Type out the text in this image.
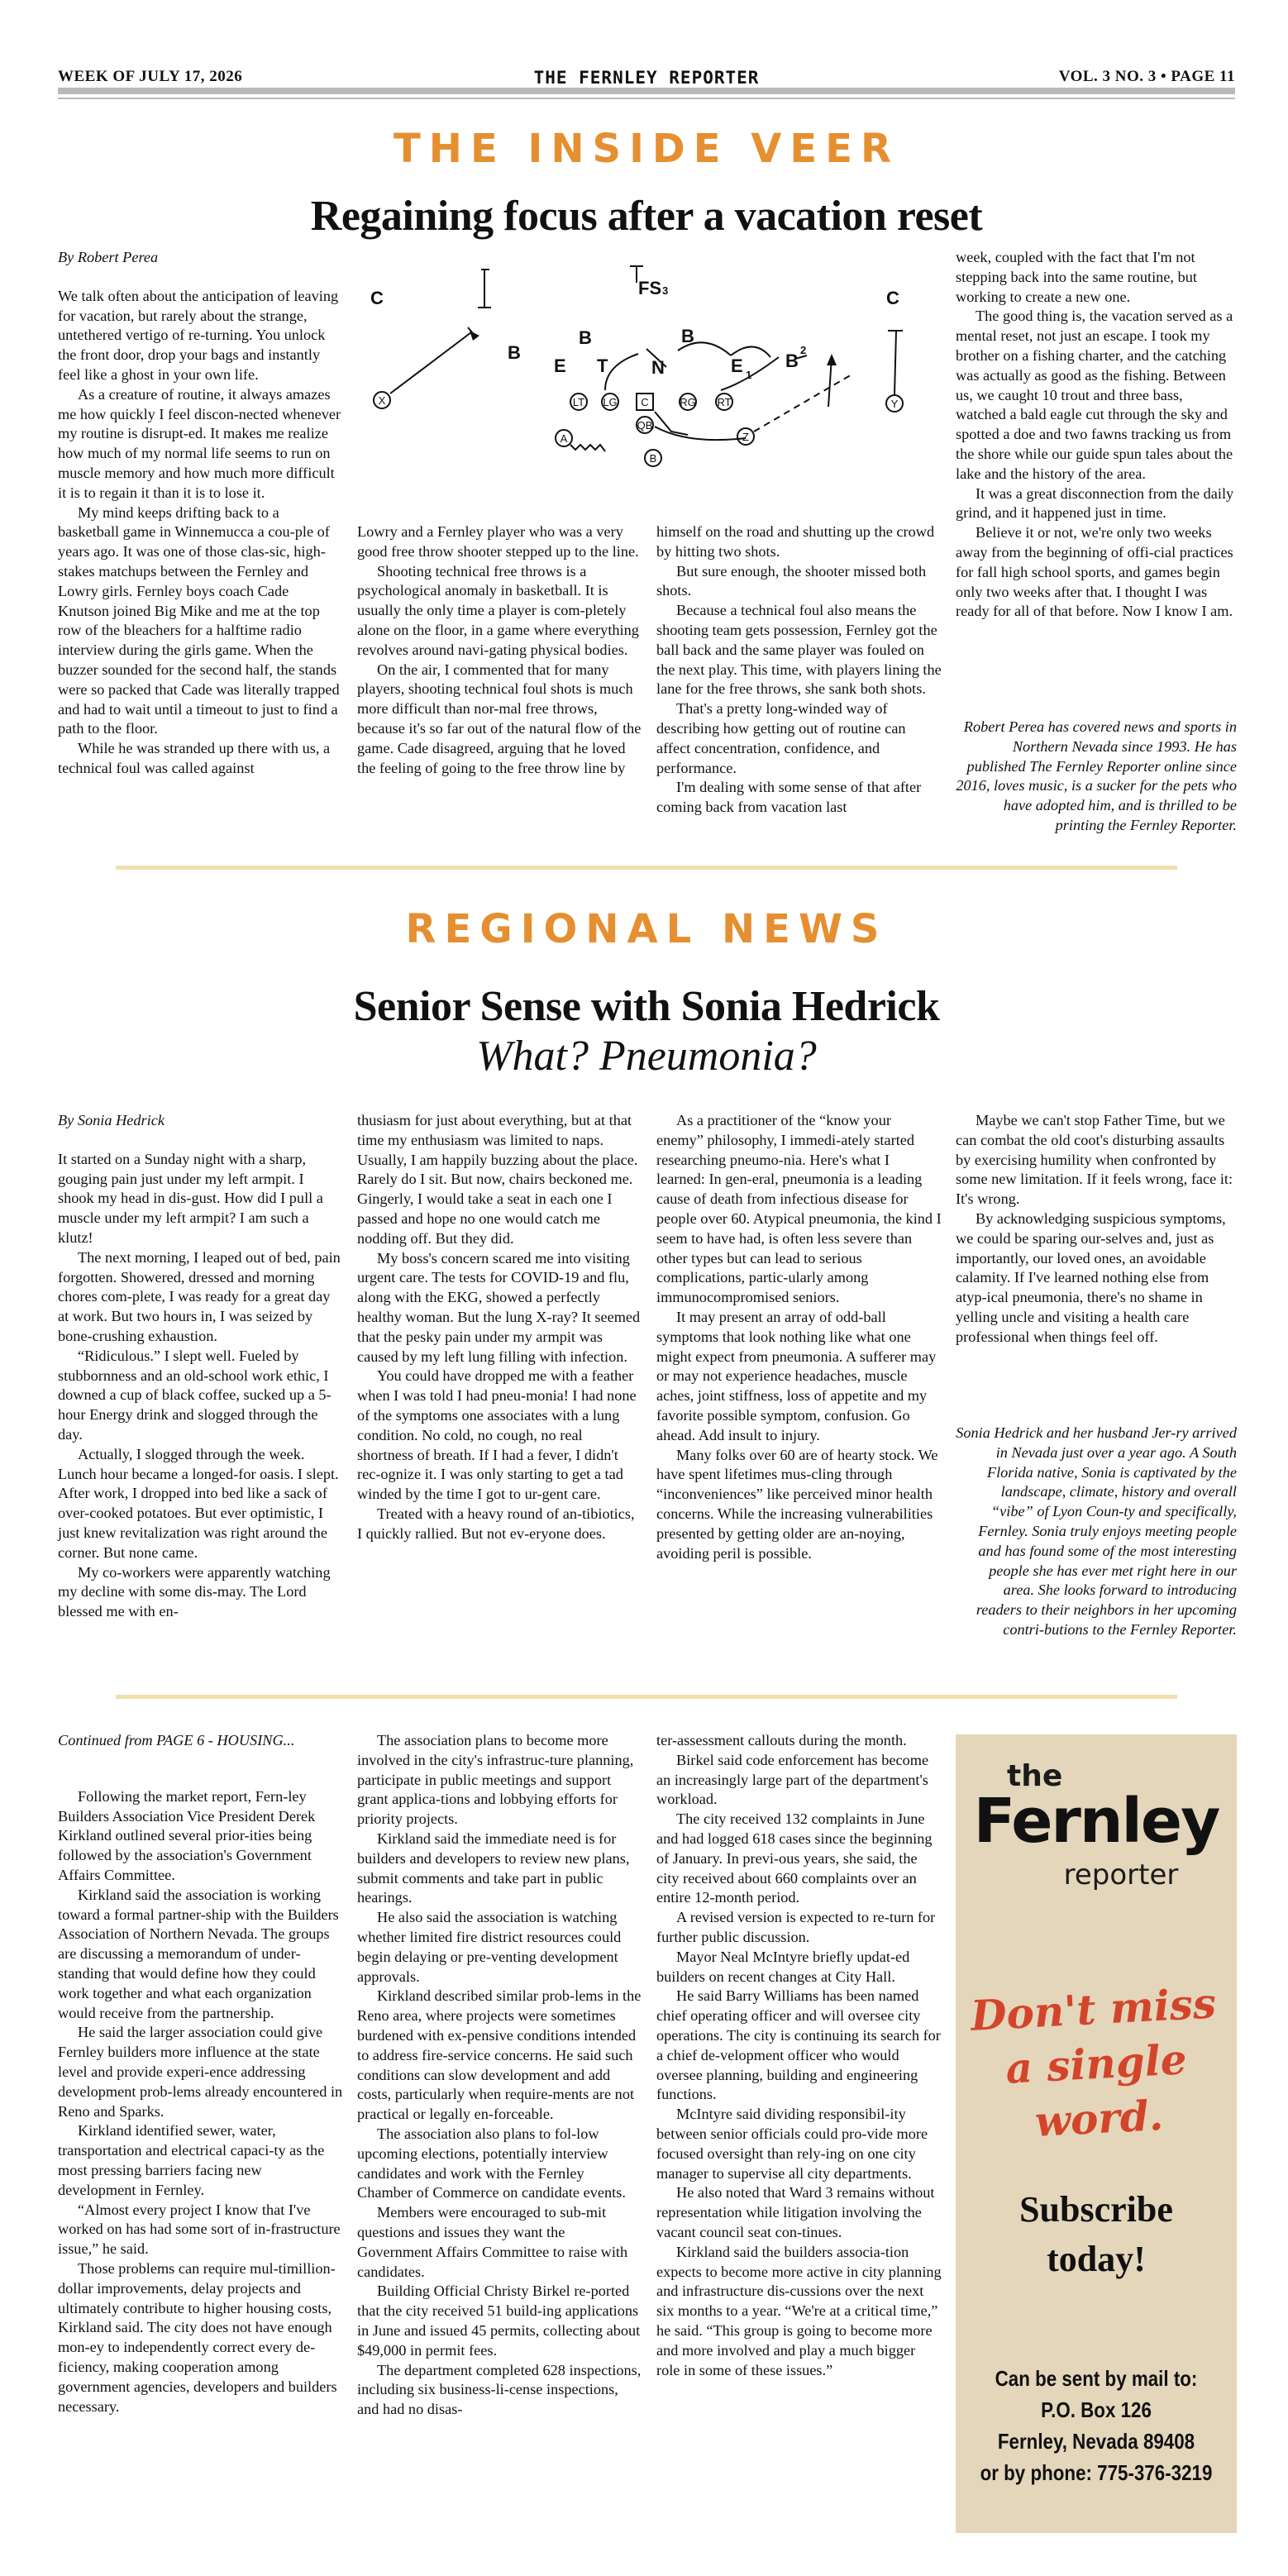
WEEK OF JULY 17, 2026	THE FERNLEY REPORTER	VOL. 3 NO. 3 • PAGE 11
THE INSIDE VEER
Regaining focus after a vacation reset

By Robert Perea

We talk often about the anticipation of leaving for vacation, but rarely about the strange, untethered vertigo of re-turning. You unlock the front door, drop your bags and instantly feel like a ghost in your own life.

As a creature of routine, it always amazes me how quickly I feel discon-nected whenever my routine is disrupt-ed. It makes me realize how much of my normal life seems to run on muscle memory and how much more difficult it is to regain it than it is to lose it.

My mind keeps drifting back to a basketball game in Winnemucca a cou-ple of years ago. It was one of those clas-sic, high-stakes matchups between the Fernley and Lowry girls. Fernley boys coach Cade Knutson joined Big Mike and me at the top row of the bleachers for a halftime radio interview during the girls game. When the buzzer sounded for the second half, the stands were so packed that Cade was literally trapped and had to wait until a timeout to just to find a path to the floor.

While he was stranded up there with us, a technical foul was called against

C	C
FS 3
B
B	B
B
2
E	E 1
T N
X	Y
LT LG C	RG RT
QB
A
B
Z

Lowry and a Fernley player who was a very good free throw shooter stepped up to the line.

Shooting technical free throws is a psychological anomaly in basketball. It is usually the only time a player is com-pletely alone on the floor, in a game where everything revolves around navi-gating physical bodies.

On the air, I commented that for many players, shooting technical foul shots is much more difficult than nor-mal free throws, because it's so far out of the natural flow of the game. Cade disagreed, arguing that he loved the feeling of going to the free throw line by

himself on the road and shutting up the crowd by hitting two shots.

But sure enough, the shooter missed both shots.

Because a technical foul also means the shooting team gets possession, Fernley got the ball back and the same player was fouled on the next play. This time, with players lining the lane for the free throws, she sank both shots.

That's a pretty long-winded way of describing how getting out of routine can affect concentration, confidence, and performance.

I'm dealing with some sense of that after coming back from vacation last

week, coupled with the fact that I'm not stepping back into the same routine, but working to create a new one.

The good thing is, the vacation served as a mental reset, not just an escape. I took my brother on a fishing charter, and the catching was actually as good as the fishing. Between us, we caught 10 trout and three bass, watched a bald eagle cut through the sky and spotted a doe and two fawns tracking us from the shore while our guide spun tales about the lake and the history of the area.

It was a great disconnection from the daily grind, and it happened just in time.

Believe it or not, we're only two weeks away from the beginning of offi-cial practices for fall high school sports, and games begin only two weeks after that. I thought I was ready for all of that before. Now I know I am.

Robert Perea has covered news and sports in Northern Nevada since 1993. He has published The Fernley Reporter online since 2016, loves music, is a sucker for the pets who have adopted him, and is thrilled to be printing the Fernley Reporter.
REGIONAL NEWS
Senior Sense with Sonia Hedrick
What? Pneumonia?

By Sonia Hedrick

It started on a Sunday night with a sharp, gouging pain just under my left armpit. I shook my head in dis-gust. How did I pull a muscle under my left armpit? I am such a klutz!

The next morning, I leaped out of bed, pain forgotten. Showered, dressed and morning chores com-plete, I was ready for a great day at work. But two hours in, I was seized by bone-crushing exhaustion.

“Ridiculous.” I slept well. Fueled by stubbornness and an old-school work ethic, I downed a cup of black coffee, sucked up a 5-hour Energy drink and slogged through the day.

Actually, I slogged through the week. Lunch hour became a longed-for oasis. I slept. After work, I dropped into bed like a sack of over-cooked potatoes. But ever optimistic, I just knew revitalization was right around the corner. But none came.

My co-workers were apparently watching my decline with some dis-may. The Lord blessed me with en-

thusiasm for just about everything, but at that time my enthusiasm was limited to naps. Usually, I am happily buzzing about the place. Rarely do I sit. But now, chairs beckoned me. Gingerly, I would take a seat in each one I passed and hope no one would catch me nodding off. But they did.

My boss's concern scared me into visiting urgent care. The tests for COVID-19 and flu, along with the EKG, showed a perfectly healthy woman. But the lung X-ray? It seemed that the pesky pain under my armpit was caused by my left lung filling with infection.

You could have dropped me with a feather when I was told I had pneu-monia! I had none of the symptoms one associates with a lung condition. No cold, no cough, no real shortness of breath. If I had a fever, I didn't rec-ognize it. I was only starting to get a tad winded by the time I got to ur-gent care.

Treated with a heavy round of an-tibiotics, I quickly rallied. But not ev-eryone does.

As a practitioner of the “know your enemy” philosophy, I immedi-ately started researching pneumo-nia. Here's what I learned: In gen-eral, pneumonia is a leading cause of death from infectious disease for people over 60. Atypical pneumonia, the kind I seem to have had, is often less severe than other types but can lead to serious complications, partic-ularly among immunocompromised seniors.

It may present an array of odd-ball symptoms that look nothing like what one might expect from pneumonia. A sufferer may or may not experience headaches, muscle aches, joint stiffness, loss of appetite and my favorite possible symptom, confusion. Go ahead. Add insult to injury.

Many folks over 60 are of hearty stock. We have spent lifetimes mus-cling through “inconveniences” like perceived minor health concerns. While the increasing vulnerabilities presented by getting older are an-noying, avoiding peril is possible.

Maybe we can't stop Father Time, but we can combat the old coot's disturbing assaults by exercising humility when confronted by some new limitation. If it feels wrong, face it: It's wrong.

By acknowledging suspicious symptoms, we could be sparing our-selves and, just as importantly, our loved ones, an avoidable calamity. If I've learned nothing else from atyp-ical pneumonia, there's no shame in yelling uncle and visiting a health care professional when things feel off.

Sonia Hedrick and her husband Jer-ry arrived in Nevada just over a year ago. A South Florida native, Sonia is captivated by the landscape, climate, history and overall “vibe” of Lyon Coun-ty and specifically, Fernley. Sonia truly enjoys meeting people and has found some of the most interesting people she has ever met right here in our area. She looks forward to introducing readers to their neighbors in her upcoming contri-butions to the Fernley Reporter.

Continued from PAGE 6 - HOUSING...

Following the market report, Fern-ley Builders Association Vice President Derek Kirkland outlined several prior-ities being followed by the association's Government Affairs Committee.

Kirkland said the association is working toward a formal partner-ship with the Builders Association of Northern Nevada. The groups are discussing a memorandum of under-standing that would define how they could work together and what each organization would receive from the partnership.

He said the larger association could give Fernley builders more influence at the state level and provide experi-ence addressing development prob-lems already encountered in Reno and Sparks.

Kirkland identified sewer, water, transportation and electrical capaci-ty as the most pressing barriers facing new development in Fernley.

“Almost every project I know that I've worked on has had some sort of in-frastructure issue,” he said.

Those problems can require mul-timillion-dollar improvements, delay projects and ultimately contribute to higher housing costs, Kirkland said. The city does not have enough mon-ey to independently correct every de-ficiency, making cooperation among government agencies, developers and builders necessary.

The association plans to become more involved in the city's infrastruc-ture planning, participate in public meetings and support grant applica-tions and lobbying efforts for priority projects.

Kirkland said the immediate need is for builders and developers to review new plans, submit comments and take part in public hearings.

He also said the association is watching whether limited fire district resources could begin delaying or pre-venting development approvals.

Kirkland described similar prob-lems in the Reno area, where projects were sometimes burdened with ex-pensive conditions intended to address fire-service concerns. He said such conditions can slow development and add costs, particularly when require-ments are not practical or legally en-forceable.

The association also plans to fol-low upcoming elections, potentially interview candidates and work with the Fernley Chamber of Commerce on candidate events.

Members were encouraged to sub-mit questions and issues they want the Government Affairs Committee to raise with candidates.

Building Official Christy Birkel re-ported that the city received 51 build-ing applications in June and issued 45 permits, collecting about $49,000 in permit fees.

The department completed 628 inspections, including six business-li-cense inspections, and had no disas-

ter-assessment callouts during the month.

Birkel said code enforcement has become an increasingly large part of the department's workload.

The city received 132 complaints in June and had logged 618 cases since the beginning of January. In previ-ous years, she said, the city received about 660 complaints over an entire 12-month period.

A revised version is expected to re-turn for further public discussion.

Mayor Neal McIntyre briefly updat-ed builders on recent changes at City Hall.

He said Barry Williams has been named chief operating officer and will oversee city operations. The city is continuing its search for a chief de-velopment officer who would oversee planning, building and engineering functions.

McIntyre said dividing responsibil-ity between senior officials could pro-vide more focused oversight than rely-ing on one city manager to supervise all city departments.

He also noted that Ward 3 remains without representation while litigation involving the vacant council seat con-tinues.

Kirkland said the builders associa-tion expects to become more active in city planning and infrastructure dis-cussions over the next six months to a year. “We're at a critical time,” he said. “This group is going to become more and more involved and play a much bigger role in some of these issues.”

the
Fernley
reporter
Don't miss
a single word.
Subscribe
today!
Can be sent by mail to:
P.O. Box 126
Fernley, Nevada 89408
or by phone: 775-376-3219
